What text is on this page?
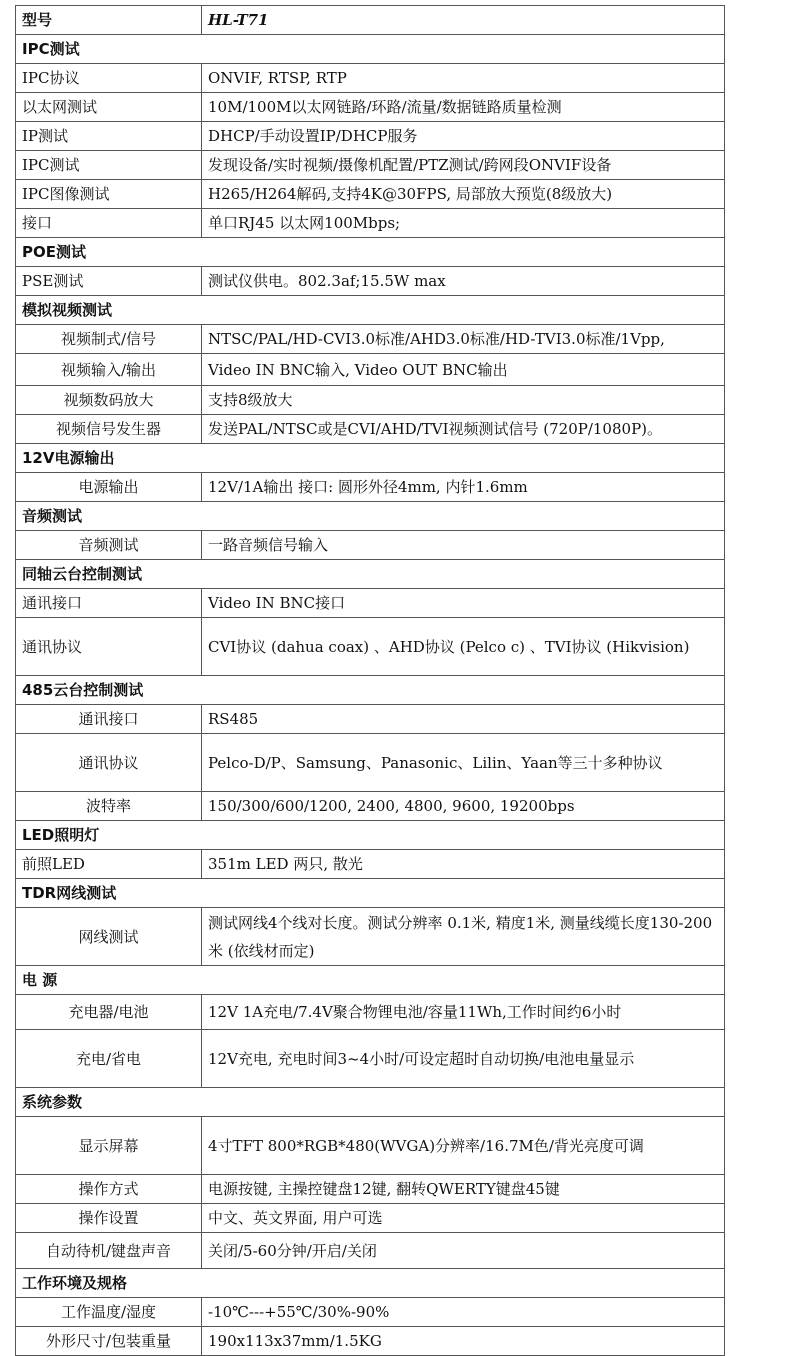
型号	HL-T71
IPC测试	
IPC协议	ONVIF, RTSP, RTP
以太网测试	10M/100M以太网链路/环路/流量/数据链路质量检测
IP测试	DHCP/手动设置IP/DHCP服务
IPC测试	发现设备/实时视频/摄像机配置/PTZ测试/跨网段ONVIF设备
IPC图像测试	H265/H264解码,支持4K@30FPS, 局部放大预览(8级放大)
接口	单口RJ45 以太网100Mbps;
POE测试	
PSE测试	测试仪供电。802.3af;15.5W max
模拟视频测试	
视频制式/信号	NTSC/PAL/HD-CVI3.0标准/AHD3.0标准/HD-TVI3.0标准/1Vpp,
视频输入/输出	Video IN BNC输入, Video OUT BNC输出
视频数码放大	支持8级放大
视频信号发生器	发送PAL/NTSC或是CVI/AHD/TVI视频测试信号 (720P/1080P)。
12V电源输出	
电源输出	12V/1A输出 接口: 圆形外径4mm, 内针1.6mm
音频测试	
音频测试	一路音频信号输入
同轴云台控制测试	
通讯接口	Video IN BNC接口
通讯协议	CVI协议 (dahua coax) 、AHD协议 (Pelco c) 、TVI协议 (Hikvision)
485云台控制测试	
通讯接口	RS485
通讯协议	Pelco-D/P、Samsung、Panasonic、Lilin、Yaan等三十多种协议
波特率	150/300/600/1200, 2400, 4800, 9600, 19200bps
LED照明灯	
前照LED	351m LED 两只, 散光
TDR网线测试	
网线测试	测试网线4个线对长度。测试分辨率 0.1米, 精度1米, 测量线缆长度130-200米 (依线材而定)
电 源	
充电器/电池	12V 1A充电/7.4V聚合物锂电池/容量11Wh,工作时间约6小时
充电/省电	12V充电, 充电时间3~4小时/可设定超时自动切换/电池电量显示
系统参数	
显示屏幕	4寸TFT 800*RGB*480(WVGA)分辨率/16.7M色/背光亮度可调
操作方式	电源按键, 主操控键盘12键, 翻转QWERTY键盘45键
操作设置	中文、英文界面, 用户可选
自动待机/键盘声音	关闭/5-60分钟/开启/关闭
工作环境及规格	
工作温度/湿度	-10℃---+55℃/30%-90%
外形尺寸/包装重量	190x113x37mm/1.5KG
